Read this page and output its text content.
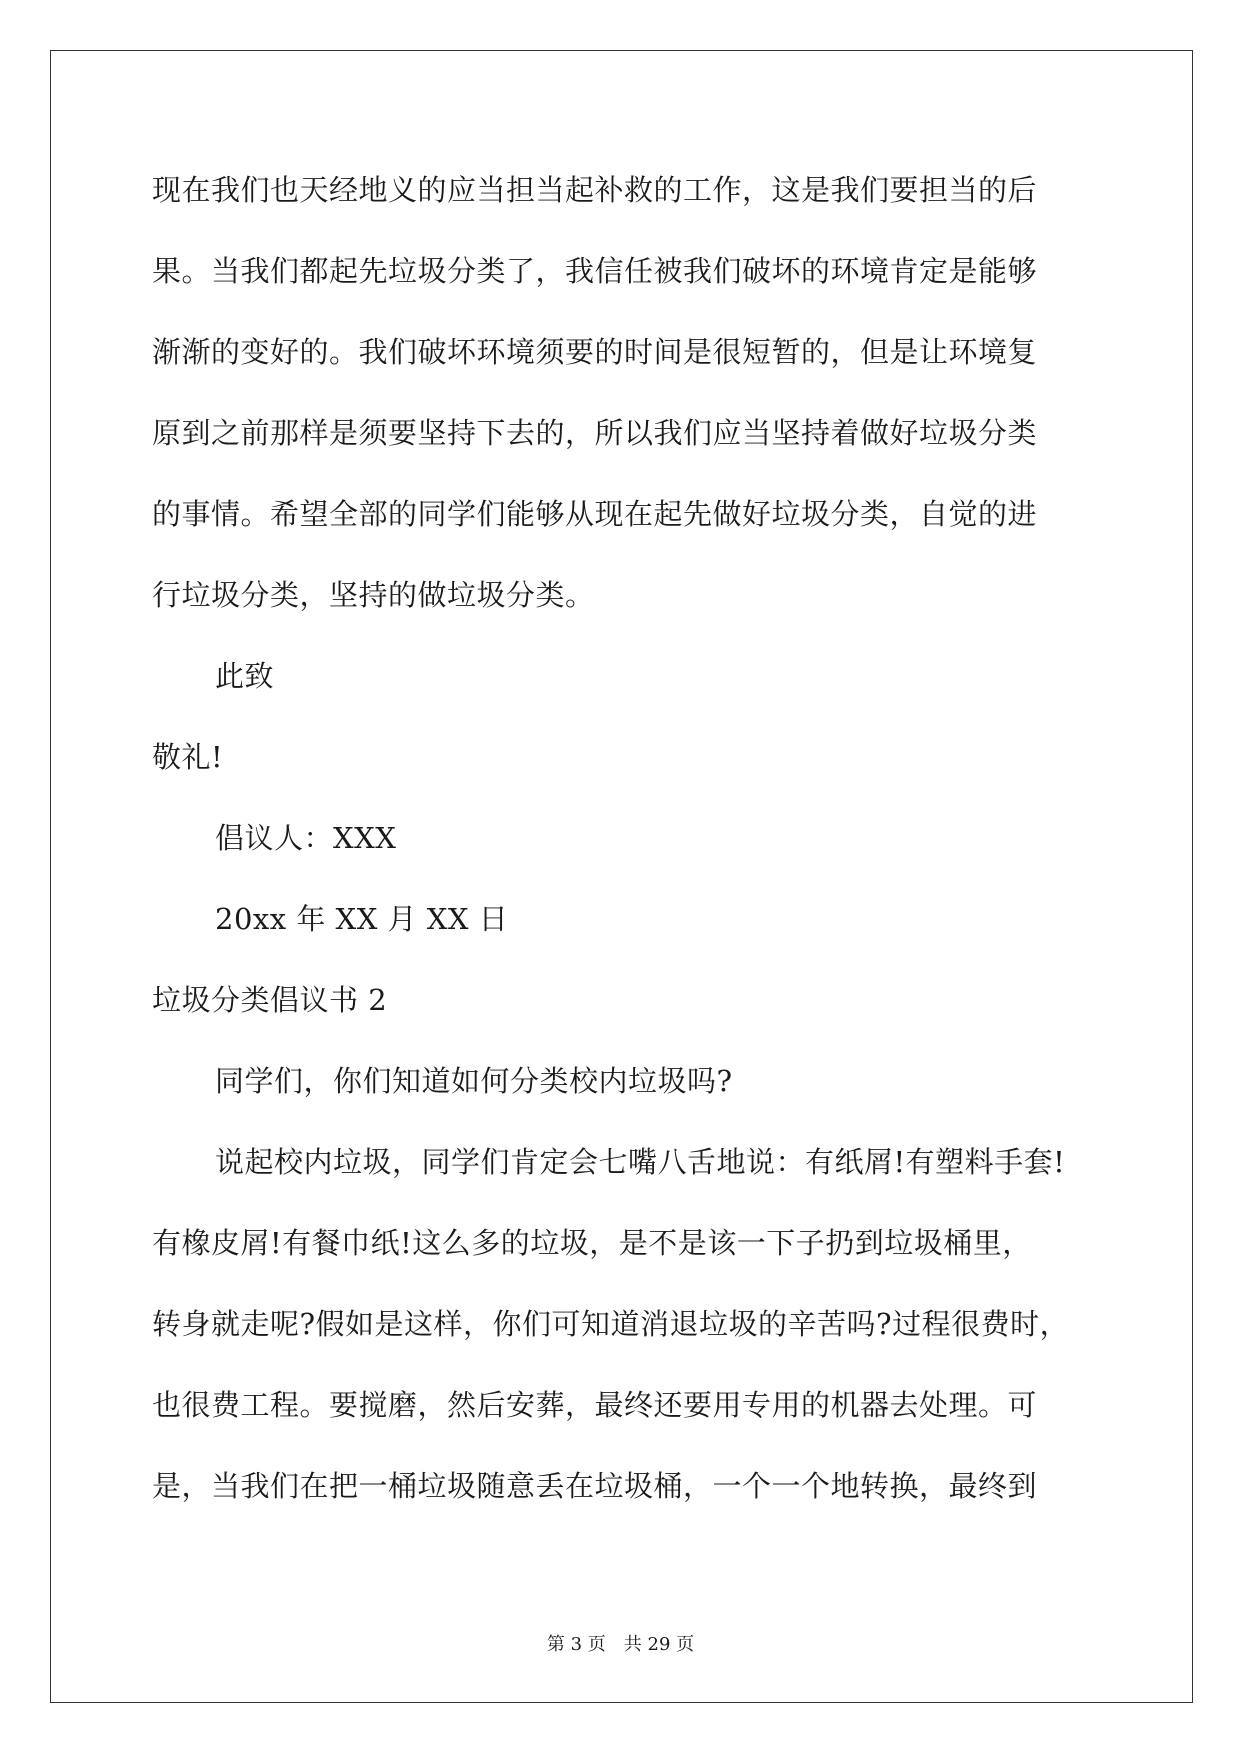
现在我们也天经地义的应当担当起补救的工作，这是我们要担当的后
果。当我们都起先垃圾分类了，我信任被我们破坏的环境肯定是能够
渐渐的变好的。我们破坏环境须要的时间是很短暂的，但是让环境复
原到之前那样是须要坚持下去的，所以我们应当坚持着做好垃圾分类
的事情。希望全部的同学们能够从现在起先做好垃圾分类，自觉的进
行垃圾分类，坚持的做垃圾分类。
此致
敬礼!
倡议人：XXX
20xx 年 XX 月 XX 日
垃圾分类倡议书 2
同学们，你们知道如何分类校内垃圾吗?
说起校内垃圾，同学们肯定会七嘴八舌地说：有纸屑!有塑料手套!
有橡皮屑!有餐巾纸!这么多的垃圾，是不是该一下子扔到垃圾桶里，
转身就走呢?假如是这样，你们可知道消退垃圾的辛苦吗?过程很费时，
也很费工程。要搅磨，然后安葬，最终还要用专用的机器去处理。可
是，当我们在把一桶垃圾随意丢在垃圾桶，一个一个地转换，最终到
第 3 页　共 29 页
